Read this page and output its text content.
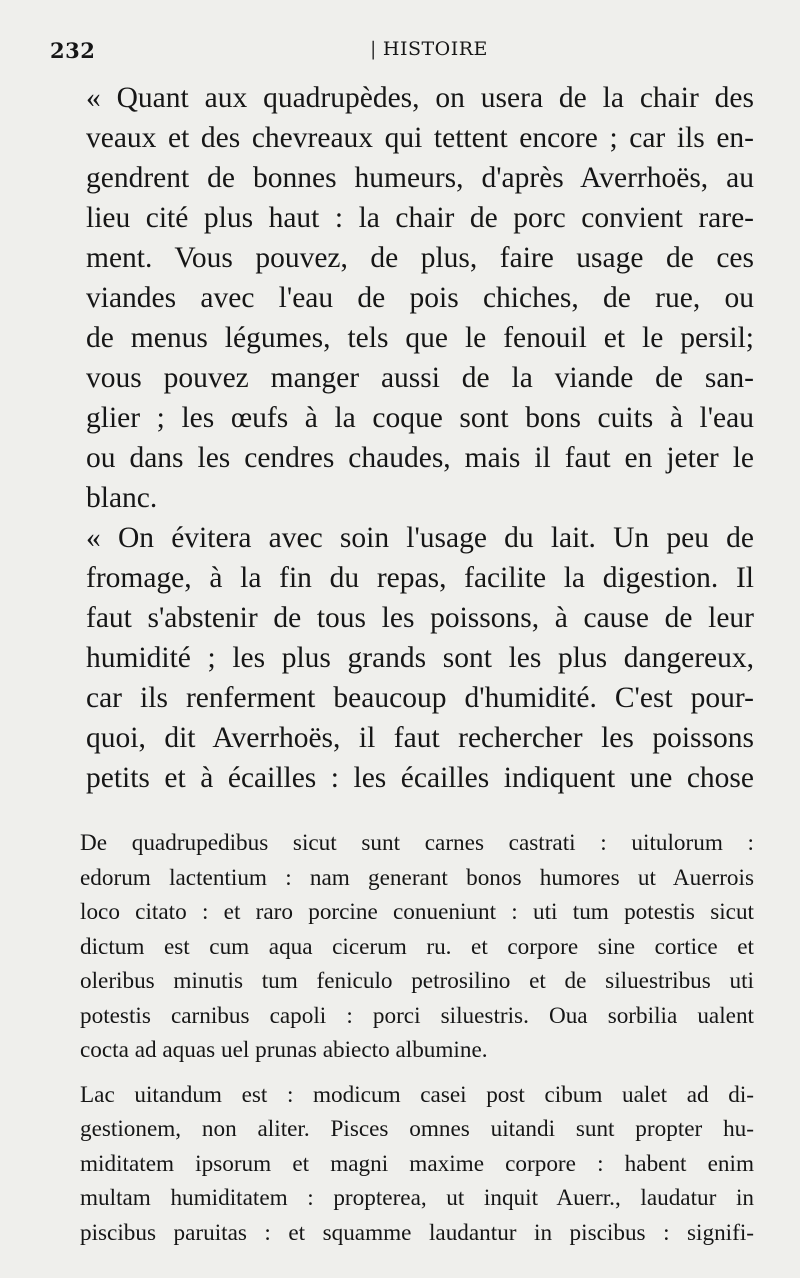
232	| HISTOIRE

« Quant aux quadrupèdes, on usera de la chair des
veaux et des chevreaux qui tettent encore ; car ils en-
gendrent de bonnes humeurs, d'après Averrhoës, au
lieu cité plus haut : la chair de porc convient rare-
ment. Vous pouvez, de plus, faire usage de ces
viandes avec l'eau de pois chiches, de rue, ou
de menus légumes, tels que le fenouil et le persil;
vous pouvez manger aussi de la viande de san-
glier ; les œufs à la coque sont bons cuits à l'eau
ou dans les cendres chaudes, mais il faut en jeter le
blanc.

« On évitera avec soin l'usage du lait. Un peu de
fromage, à la fin du repas, facilite la digestion. Il
faut s'abstenir de tous les poissons, à cause de leur
humidité ; les plus grands sont les plus dangereux,
car ils renferment beaucoup d'humidité. C'est pour-
quoi, dit Averrhoës, il faut rechercher les poissons
petits et à écailles : les écailles indiquent une chose

De quadrupedibus sicut sunt carnes castrati : uitulorum :
edorum lactentium : nam generant bonos humores ut Auerrois
loco citato : et raro porcine conueniunt : uti tum potestis sicut
dictum est cum aqua cicerum ru. et corpore sine cortice et
oleribus minutis tum feniculo petrosilino et de siluestribus uti
potestis carnibus capoli : porci siluestris. Oua sorbilia ualent
cocta ad aquas uel prunas abiecto albumine.

Lac uitandum est : modicum casei post cibum ualet ad di-
gestionem, non aliter. Pisces omnes uitandi sunt propter hu-
miditatem ipsorum et magni maxime corpore : habent enim
multam humiditatem : propterea, ut inquit Auerr., laudatur in
piscibus paruitas : et squamme laudantur in piscibus : signifi-
